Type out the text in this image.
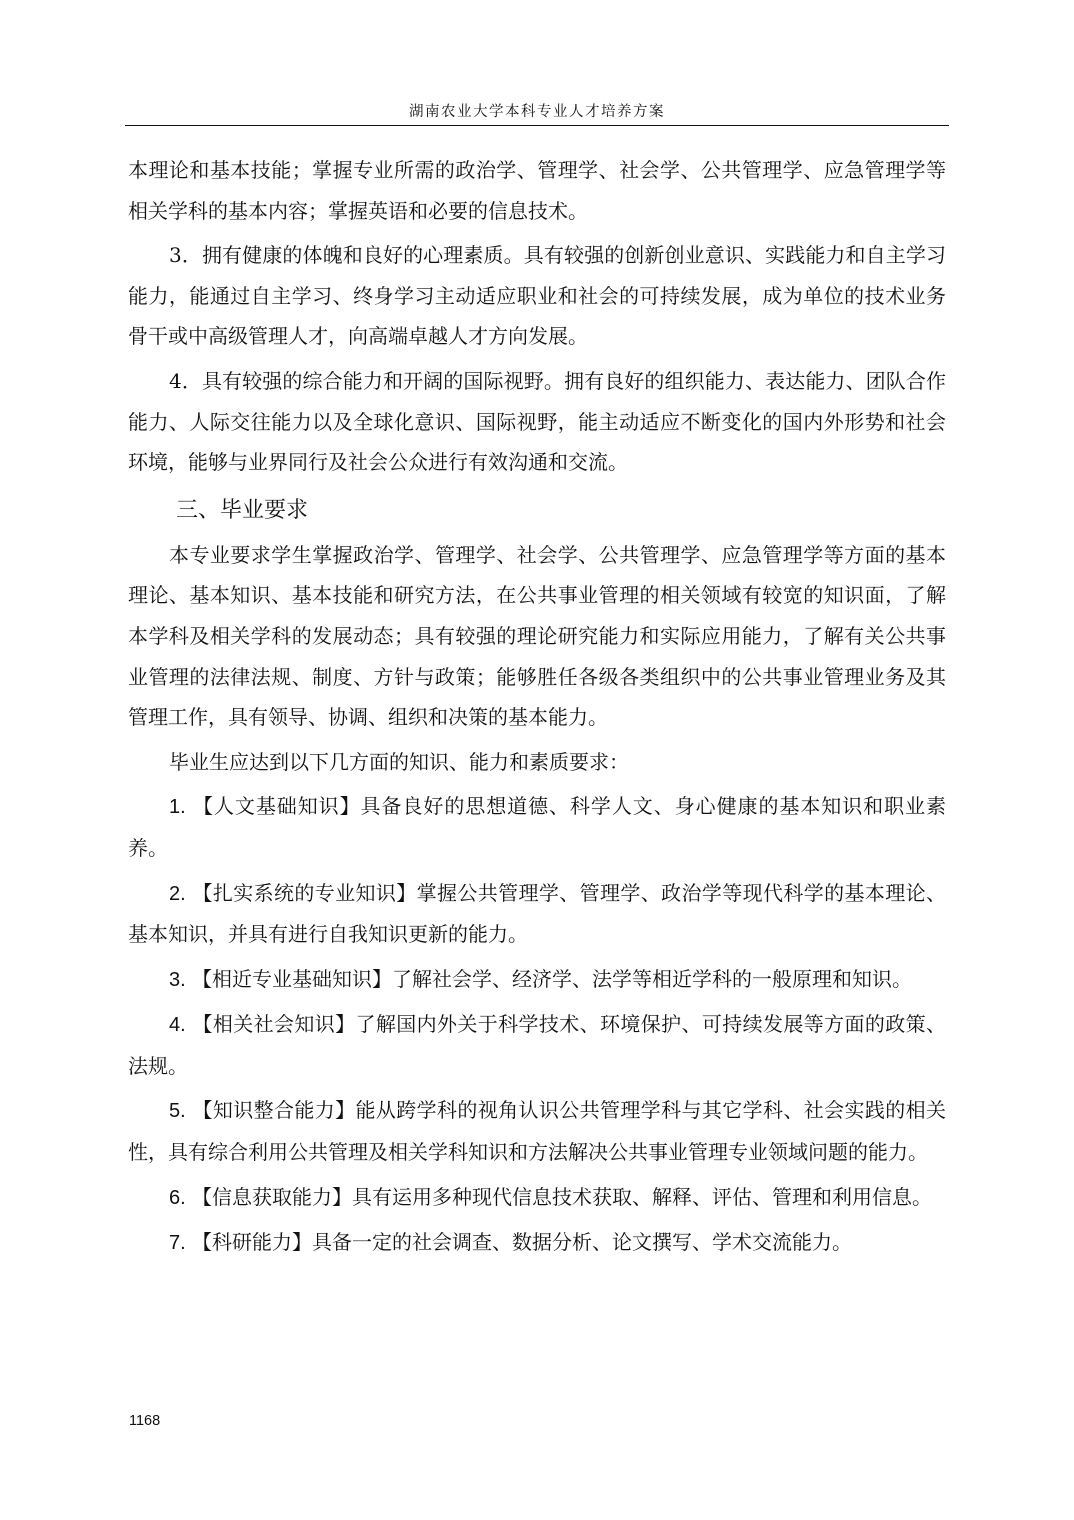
湖南农业大学本科专业人才培养方案

本理论和基本技能；掌握专业所需的政治学、管理学、社会学、公共管理学、应急管理学等相关学科的基本内容；掌握英语和必要的信息技术。

3．拥有健康的体魄和良好的心理素质。具有较强的创新创业意识、实践能力和自主学习能力，能通过自主学习、终身学习主动适应职业和社会的可持续发展，成为单位的技术业务骨干或中高级管理人才，向高端卓越人才方向发展。

4．具有较强的综合能力和开阔的国际视野。拥有良好的组织能力、表达能力、团队合作能力、人际交往能力以及全球化意识、国际视野，能主动适应不断变化的国内外形势和社会环境，能够与业界同行及社会公众进行有效沟通和交流。

三、毕业要求

本专业要求学生掌握政治学、管理学、社会学、公共管理学、应急管理学等方面的基本理论、基本知识、基本技能和研究方法，在公共事业管理的相关领域有较宽的知识面，了解本学科及相关学科的发展动态；具有较强的理论研究能力和实际应用能力，了解有关公共事业管理的法律法规、制度、方针与政策；能够胜任各级各类组织中的公共事业管理业务及其管理工作，具有领导、协调、组织和决策的基本能力。

毕业生应达到以下几方面的知识、能力和素质要求：

1. 【人文基础知识】具备良好的思想道德、科学人文、身心健康的基本知识和职业素养。

2. 【扎实系统的专业知识】掌握公共管理学、管理学、政治学等现代科学的基本理论、基本知识，并具有进行自我知识更新的能力。

3. 【相近专业基础知识】了解社会学、经济学、法学等相近学科的一般原理和知识。

4. 【相关社会知识】了解国内外关于科学技术、环境保护、可持续发展等方面的政策、法规。

5. 【知识整合能力】能从跨学科的视角认识公共管理学科与其它学科、社会实践的相关性，具有综合利用公共管理及相关学科知识和方法解决公共事业管理专业领域问题的能力。

6. 【信息获取能力】具有运用多种现代信息技术获取、解释、评估、管理和利用信息。

7. 【科研能力】具备一定的社会调查、数据分析、论文撰写、学术交流能力。

1168
